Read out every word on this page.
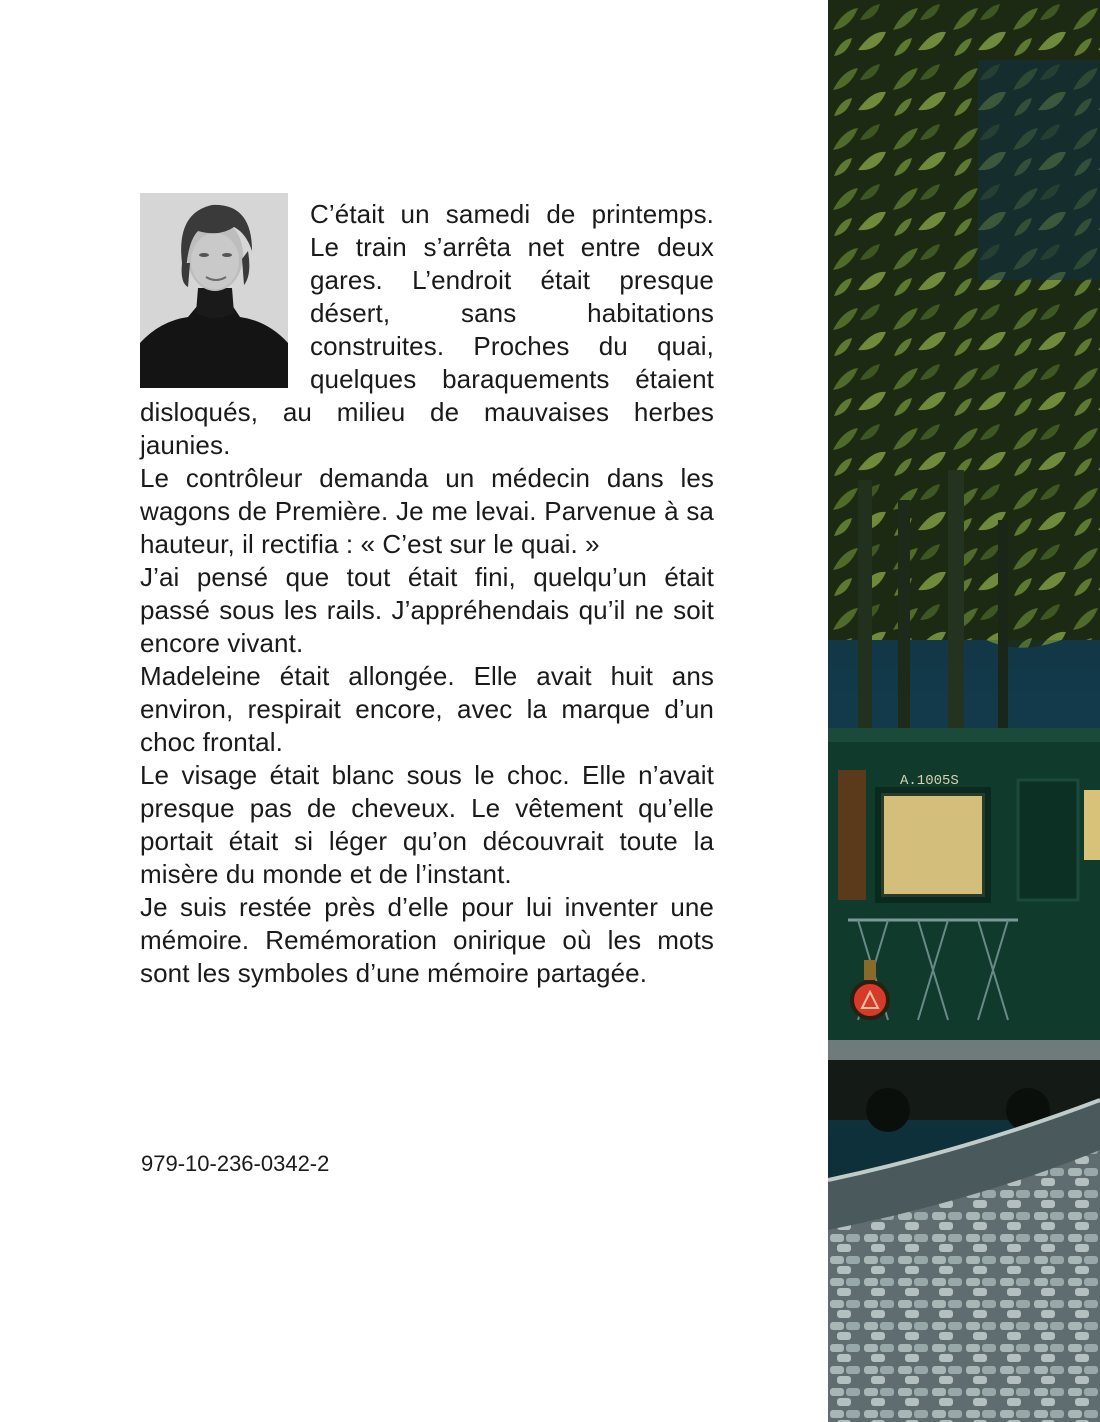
C’était un samedi de printemps. Le train s’arrêta net entre deux gares. L’endroit était presque désert, sans habitations construites. Proches du quai, quelques baraquements étaient disloqués, au milieu de mauvaises herbes jaunies.

Le contrôleur demanda un médecin dans les wagons de Première. Je me levai. Parvenue à sa hauteur, il rectifia : « C’est sur le quai. »

J’ai pensé que tout était fini, quelqu’un était passé sous les rails. J’appréhendais qu’il ne soit encore vivant.

Madeleine était allongée. Elle avait huit ans environ, respirait encore, avec la marque d’un choc frontal.

Le visage était blanc sous le choc. Elle n’avait presque pas de cheveux. Le vêtement qu’elle portait était si léger qu’on découvrait toute la misère du monde et de l’instant.

Je suis restée près d’elle pour lui inventer une mémoire. Remémoration onirique où les mots sont les symboles d’une mémoire partagée.

979-10-236-0342-2
A.1005S
